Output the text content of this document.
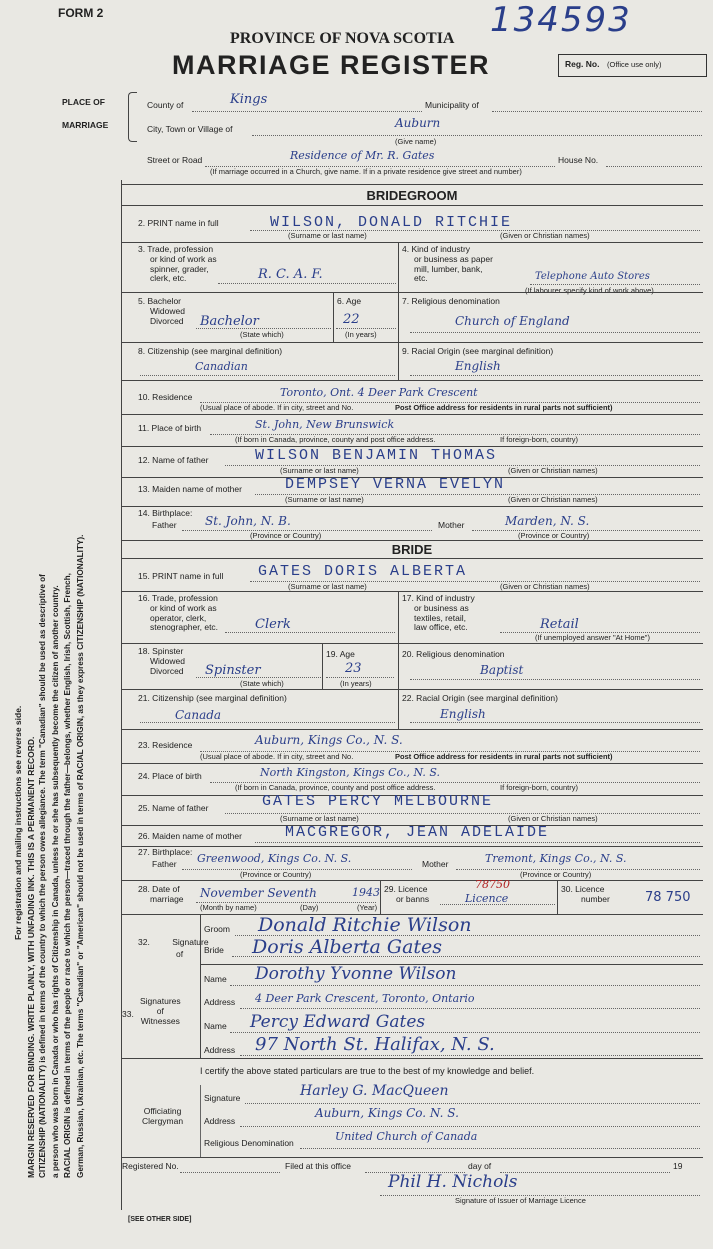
FORM 2	134593
PROVINCE OF NOVA SCOTIA
MARRIAGE REGISTER	Reg. No. (Office use only)
PLACE OF
MARRIAGE
County of	Kings	Municipality of
City, Town or Village of	Auburn
(Give name)
Street or Road	Residence of Mr. R. Gates	House No.
(If marriage occurred in a Church, give name. If in a private residence give street and number)
For registration and mailing instructions see reverse side. MARGIN RESERVED FOR BINDING. WRITE PLAINLY, WITH UNFADING INK. THIS IS A PERMANENT RECORD. CITIZENSHIP (NATIONALITY) is defined in terms of the country to which the person owes allegiance. The term "Canadian" should be used as descriptive of a person who was born in Canada or who has rights of Citizenship in Canada, unless he or she has subsequently become the citizen of another country. RACIAL ORIGIN is defined in terms of the people or race to which the person—traced through the father—belongs, whether English, Irish, Scottish, French, German, Russian, Ukrainian, etc. The terms "Canadian" or "American" should not be used in terms of RACIAL ORIGIN, as they express CITIZENSHIP (NATIONALITY).
BRIDEGROOM
2. PRINT name in full	WILSON, DONALD RITCHIE
(Surname or last name)	(Given or Christian names)
3. Trade, profession
or kind of work as
spinner, grader,
clerk, etc.	R. C. A. F.
4. Kind of industry
or business as paper
mill, lumber, bank,
etc.	Telephone Auto Stores
(If labourer specify kind of work above)
5. Bachelor
Widowed
Divorced Bachelor
(State which)
6. Age
22
(In years)
7. Religious denomination
Church of England
8. Citizenship (see marginal definition)
Canadian
9. Racial Origin (see marginal definition)
English
10. Residence	Toronto, Ont. 4 Deer Park Crescent
(Usual place of abode. If in city, street and No.	Post Office address for residents in rural parts not sufficient)
11. Place of birth	St. John, New Brunswick
(If born in Canada, province, county and post office address.	If foreign-born, country)
12. Name of father	WILSON BENJAMIN THOMAS
(Surname or last name)	(Given or Christian names)
13. Maiden name of mother	DEMPSEY VERNA EVELYN
(Surname or last name)	(Given or Christian names)
14. Birthplace:
Father St. John, N. B.
(Province or Country)
Mother	Marden, N. S.
(Province or Country)
BRIDE
15. PRINT name in full GATES DORIS ALBERTA
(Surname or last name)	(Given or Christian names)
16. Trade, profession
or kind of work as
operator, clerk,
stenographer, etc.	Clerk
17. Kind of industry
or business as
textiles, retail,
law office, etc.	Retail
(If unemployed answer "At Home")
18. Spinster
Widowed
Divorced Spinster
(State which)
19. Age
23
(In years)
20. Religious denomination
Baptist
21. Citizenship (see marginal definition)
Canada
22. Racial Origin (see marginal definition)
English
23. Residence	Auburn, Kings Co., N. S.
(Usual place of abode. If in city, street and No.	Post Office address for residents in rural parts not sufficient)
24. Place of birth	North Kingston, Kings Co., N. S.
(If born in Canada, province, county and post office address.	If foreign-born, country)
25. Name of father	GATES PERCY MELBOURNE
(Surname or last name)	(Given or Christian names)
26. Maiden name of mother	MACGREGOR, JEAN ADELAIDE
27. Birthplace:
Father Greenwood, Kings Co. N. S.
(Province or Country)
Mother	Tremont, Kings Co., N. S.
(Province or Country)
28. Date of
marriage November Seventh	1943
(Month by name)	(Day)	(Year)
29. Licence
or banns
78750
Licence
30. Licence
number	78 750
32.	Signature
of
Groom Donald Ritchie Wilson
Bride Doris Alberta Gates
33.
Signatures
of
Witnesses
Name Dorothy Yvonne Wilson
Address 4 Deer Park Crescent, Toronto, Ontario
Name Percy Edward Gates
Address 97 North St. Halifax, N. S.
I certify the above stated particulars are true to the best of my knowledge and belief.
Officiating
Clergyman
Signature	Harley G. MacQueen
Address
Auburn, Kings Co. N. S.
Religious Denomination	United Church of Canada
Registered No.	Filed at this office	day of	19
Phil H. Nichols
Signature of Issuer of Marriage Licence
[SEE OTHER SIDE]
